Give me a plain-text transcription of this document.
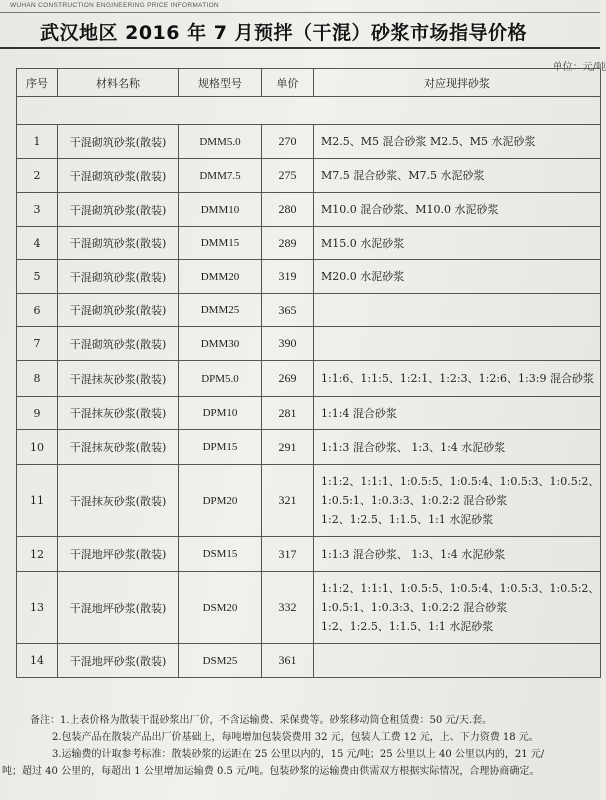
WUHAN CONSTRUCTION ENGINEERING PRICE INFORMATION
武汉地区 2016 年 7 月预拌（干混）砂浆市场指导价格
单位：元/吨

序号	材料名称	规格型号	单价	对应现拌砂浆
1	干混砌筑砂浆(散装)	DMM5.0	270	M2.5、M5 混合砂浆 M2.5、M5 水泥砂浆

2	干混砌筑砂浆(散装)	DMM7.5	275	M7.5 混合砂浆、M7.5 水泥砂浆

3	干混砌筑砂浆(散装)	DMM10	280	M10.0 混合砂浆、M10.0 水泥砂浆

4	干混砌筑砂浆(散装)	DMM15	289	M15.0 水泥砂浆

5	干混砌筑砂浆(散装)	DMM20	319	M20.0 水泥砂浆

6	干混砌筑砂浆(散装)	DMM25	365	
7	干混砌筑砂浆(散装)	DMM30	390	
8	干混抹灰砂浆(散装)	DPM5.0	269	1:1:6、1:1:5、1:2:1、1:2:3、1:2:6、1:3:9 混合砂浆

9	干混抹灰砂浆(散装)	DPM10	281	1:1:4 混合砂浆

10	干混抹灰砂浆(散装)	DPM15	291	1:1:3 混合砂浆、 1:3、1:4 水泥砂浆

11	干混抹灰砂浆(散装)	DPM20	321	1:1:2、1:1:1、1:0.5:5、1:0.5:4、1:0.5:3、1:0.5:2、
1:0.5:1、1:0.3:3、1:0.2:2 混合砂浆
1:2、1:2.5、1:1.5、1:1 水泥砂浆

12	干混地坪砂浆(散装)	DSM15	317	1:1:3 混合砂浆、 1:3、1:4 水泥砂浆

13	干混地坪砂浆(散装)	DSM20	332	1:1:2、1:1:1、1:0.5:5、1:0.5:4、1:0.5:3、1:0.5:2、
1:0.5:1、1:0.3:3、1:0.2:2 混合砂浆
1:2、1:2.5、1:1.5、1:1 水泥砂浆

14	干混地坪砂浆(散装)	DSM25	361	
备注：1.上表价格为散装干混砂浆出厂价，不含运输费、采保费等。砂浆移动筒仓租赁费：50 元/天.套。
2.包装产品在散装产品出厂价基础上，每吨增加包装袋费用 32 元，包装人工费 12 元，上、下力资费 18 元。
3.运输费的计取参考标准：散装砂浆的运距在 25 公里以内的，15 元/吨；25 公里以上 40 公里以内的，21 元/
吨；超过 40 公里的，每超出 1 公里增加运输费 0.5 元/吨。包装砂浆的运输费由供需双方根据实际情况，合理协商确定。
